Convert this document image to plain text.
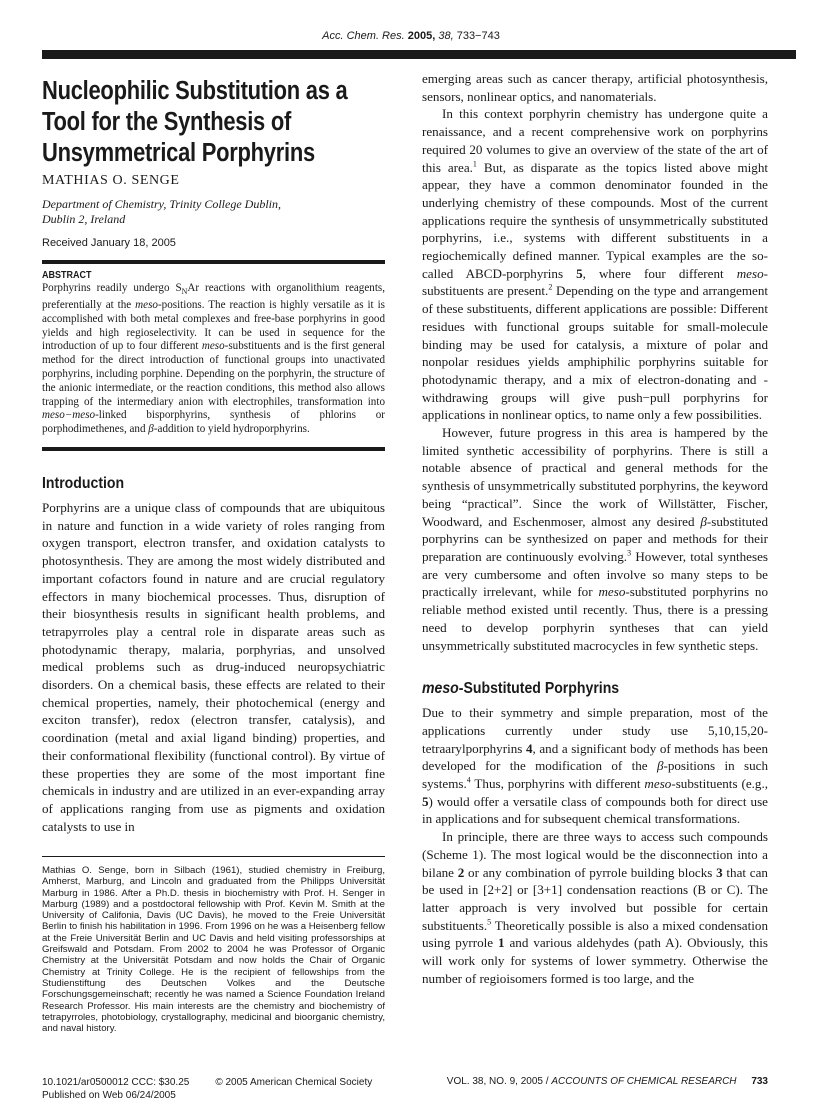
Acc. Chem. Res. 2005, 38, 733−743
Nucleophilic Substitution as a Tool for the Synthesis of Unsymmetrical Porphyrins
MATHIAS O. SENGE
Department of Chemistry, Trinity College Dublin,
Dublin 2, Ireland
Received January 18, 2005
ABSTRACT

Porphyrins readily undergo $S_NAr$ reactions with organolithium reagents, preferentially at the meso-positions. The reaction is highly versatile as it is accomplished with both metal complexes and free-base porphyrins in good yields and high regioselectivity. It can be used in sequence for the introduction of up to four different meso-substituents and is the first general method for the direct introduction of functional groups into unactivated porphyrins, including porphine. Depending on the porphyrin, the structure of the anionic intermediate, or the reaction conditions, this method also allows trapping of the intermediary anion with electrophiles, transformation into meso−meso-linked bisporphyrins, synthesis of phlorins or porphodimethenes, and β-addition to yield hydroporphyrins.

Introduction

Porphyrins are a unique class of compounds that are ubiquitous in nature and function in a wide variety of roles ranging from oxygen transport, electron transfer, and oxidation catalysts to photosynthesis. They are among the most widely distributed and important cofactors found in nature and are crucial regulatory effectors in many biochemical processes. Thus, disruption of their biosynthesis results in significant health problems, and tetrapyrroles play a central role in disparate areas such as photodynamic therapy, malaria, porphyrias, and unsolved medical problems such as drug-induced neuropsychiatric disorders. On a chemical basis, these effects are related to their chemical properties, namely, their photochemical (energy and exciton transfer), redox (electron transfer, catalysis), and coordination (metal and axial ligand binding) properties, and their conformational flexibility (functional control). By virtue of these properties they are some of the most important fine chemicals in industry and are utilized in an ever-expanding array of applications ranging from use as pigments and oxidation catalysts to use in

Mathias O. Senge, born in Silbach (1961), studied chemistry in Freiburg, Amherst, Marburg, and Lincoln and graduated from the Philipps Universität Marburg in 1986. After a Ph.D. thesis in biochemistry with Prof. H. Senger in Marburg (1989) and a postdoctoral fellowship with Prof. Kevin M. Smith at the University of Califonia, Davis (UC Davis), he moved to the Freie Universität Berlin to finish his habilitation in 1996. From 1996 on he was a Heisenberg fellow at the Freie Universität Berlin and UC Davis and held visiting professorships at Greifswald and Potsdam. From 2002 to 2004 he was Professor of Organic Chemistry at the Universität Potsdam and now holds the Chair of Organic Chemistry at Trinity College. He is the recipient of fellowships from the Studienstiftung des Deutschen Volkes and the Deutsche Forschungsgemeinschaft; recently he was named a Science Foundation Ireland Research Professor. His main interests are the chemistry and biochemistry of tetrapyrroles, photobiology, crystallography, medicinal and bioorganic chemistry, and naval history.

emerging areas such as cancer therapy, artificial photosynthesis, sensors, nonlinear optics, and nanomaterials.

In this context porphyrin chemistry has undergone quite a renaissance, and a recent comprehensive work on porphyrins required 20 volumes to give an overview of the state of the art of this area.$^1$ But, as disparate as the topics listed above might appear, they have a common denominator founded in the underlying chemistry of these compounds. Most of the current applications require the synthesis of unsymmetrically substituted porphyrins, i.e., systems with different substituents in a regiochemically defined manner. Typical examples are the so-called ABCD-porphyrins 5, where four different meso-substituents are present.$^2$ Depending on the type and arrangement of these substituents, different applications are possible: Different residues with functional groups suitable for small-molecule binding may be used for catalysis, a mixture of polar and nonpolar residues yields amphiphilic porphyrins suitable for photodynamic therapy, and a mix of electron-donating and -withdrawing groups will give push−pull porphyrins for applications in nonlinear optics, to name only a few possibilities.

However, future progress in this area is hampered by the limited synthetic accessibility of porphyrins. There is still a notable absence of practical and general methods for the synthesis of unsymmetrically substituted porphyrins, the keyword being “practical”. Since the work of Willstätter, Fischer, Woodward, and Eschenmoser, almost any desired β-substituted porphyrins can be synthesized on paper and methods for their preparation are continuously evolving.$^3$ However, total syntheses are very cumbersome and often involve so many steps to be practically irrelevant, while for meso-substituted porphyrins no reliable method existed until recently. Thus, there is a pressing need to develop porphyrin syntheses that can yield unsymmetrically substituted macrocycles in few synthetic steps.

meso-Substituted Porphyrins

Due to their symmetry and simple preparation, most of the applications currently under study use 5,10,15,20-tetraarylporphyrins 4, and a significant body of methods has been developed for the modification of the β-positions in such systems.$^4$ Thus, porphyrins with different meso-substituents (e.g., 5) would offer a versatile class of compounds both for direct use in applications and for subsequent chemical transformations.

In principle, there are three ways to access such compounds (Scheme 1). The most logical would be the disconnection into a bilane 2 or any combination of pyrrole building blocks 3 that can be used in [2+2] or [3+1] condensation reactions (B or C). The latter approach is very involved but possible for certain substituents.$^5$ Theoretically possible is also a mixed condensation using pyrrole 1 and various aldehydes (path A). Obviously, this will work only for systems of lower symmetry. Otherwise the number of regioisomers formed is too large, and the

10.1021/ar0500012 CCC: $30.25	© 2005 American Chemical Society
Published on Web 06/24/2005
VOL. 38, NO. 9, 2005 / ACCOUNTS OF CHEMICAL RESEARCH 733
